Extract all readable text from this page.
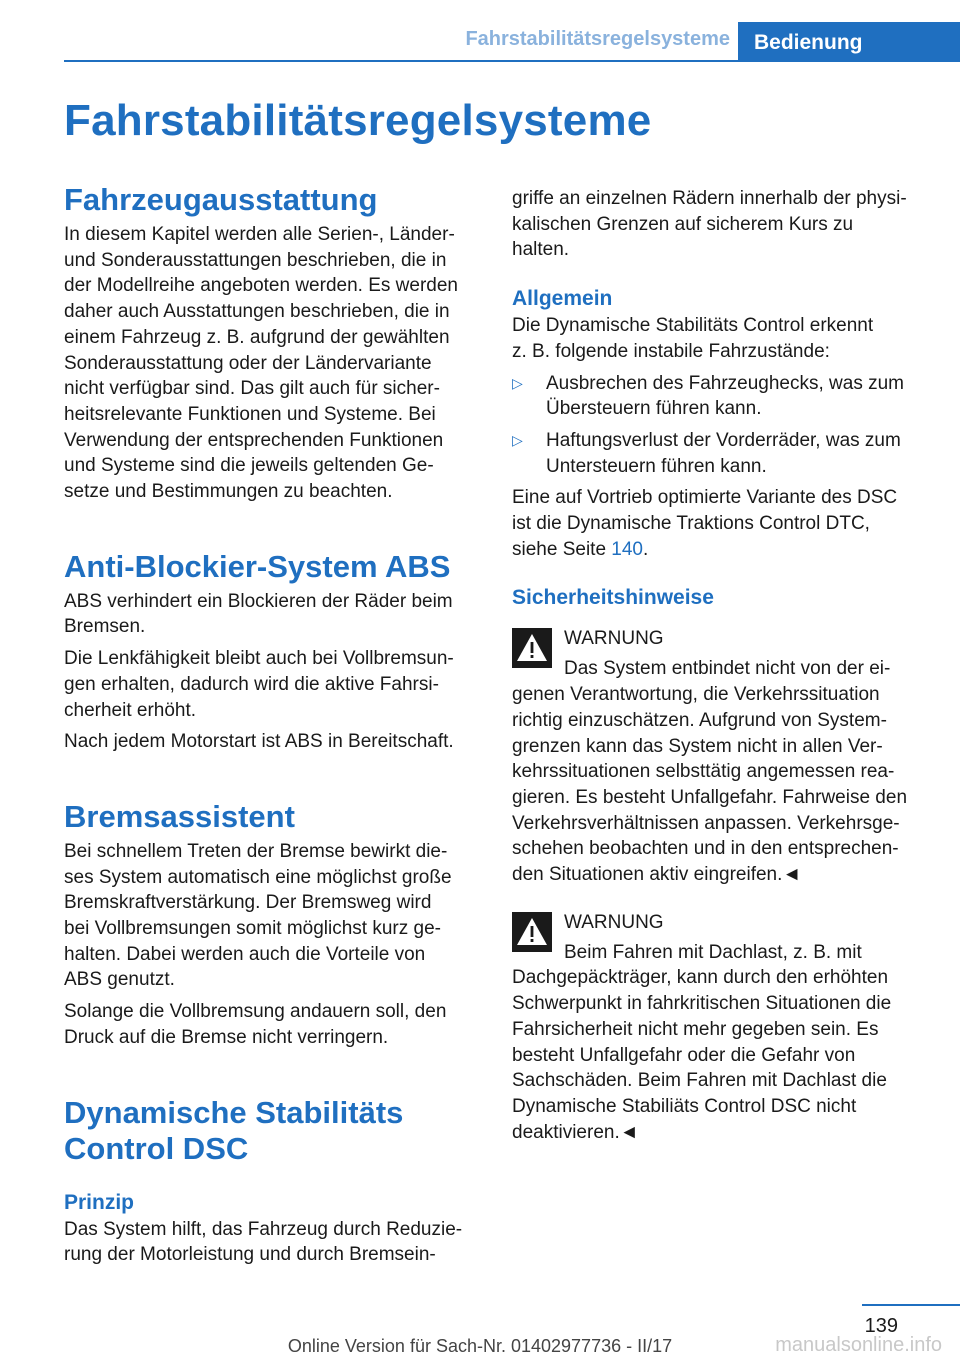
Fahrstabilitätsregelsysteme	Bedienung
Fahrstabilitätsregelsysteme
Fahrzeugausstattung

In diesem Kapitel werden alle Serien-, Länder-
und Sonderausstattungen beschrieben, die in
der Modellreihe angeboten werden. Es werden
daher auch Ausstattungen beschrieben, die in
einem Fahrzeug z. B. aufgrund der gewählten
Sonderausstattung oder der Ländervariante
nicht verfügbar sind. Das gilt auch für sicher-
heitsrelevante Funktionen und Systeme. Bei
Verwendung der entsprechenden Funktionen
und Systeme sind die jeweils geltenden Ge-
setze und Bestimmungen zu beachten.

Anti-Blockier-System ABS

ABS verhindert ein Blockieren der Räder beim
Bremsen.

Die Lenkfähigkeit bleibt auch bei Vollbremsun-
gen erhalten, dadurch wird die aktive Fahrsi-
cherheit erhöht.

Nach jedem Motorstart ist ABS in Bereitschaft.

Bremsassistent

Bei schnellem Treten der Bremse bewirkt die-
ses System automatisch eine möglichst große
Bremskraftverstärkung. Der Bremsweg wird
bei Vollbremsungen somit möglichst kurz ge-
halten. Dabei werden auch die Vorteile von
ABS genutzt.

Solange die Vollbremsung andauern soll, den
Druck auf die Bremse nicht verringern.

Dynamische Stabilitäts
Control DSC
Prinzip

Das System hilft, das Fahrzeug durch Reduzie-
rung der Motorleistung und durch Bremsein-

griffe an einzelnen Rädern innerhalb der physi-
kalischen Grenzen auf sicherem Kurs zu
halten.

Allgemein

Die Dynamische Stabilitäts Control erkennt
z. B. folgende instabile Fahrzustände:

▷	Ausbrechen des Fahrzeughecks, was zum
Übersteuern führen kann.
▷	Haftungsverlust der Vorderräder, was zum
Untersteuern führen kann.

Eine auf Vortrieb optimierte Variante des DSC
ist die Dynamische Traktions Control DTC,
siehe Seite 140.

Sicherheitshinweise
WARNUNG

Das System entbindet nicht von der ei-

genen Verantwortung, die Verkehrssituation
richtig einzuschätzen. Aufgrund von System-
grenzen kann das System nicht in allen Ver-
kehrssituationen selbsttätig angemessen rea-
gieren. Es besteht Unfallgefahr. Fahrweise den
Verkehrsverhältnissen anpassen. Verkehrsge-
schehen beobachten und in den entsprechen-
den Situationen aktiv eingreifen.◄

WARNUNG

Beim Fahren mit Dachlast, z. B. mit

Dachgepäckträger, kann durch den erhöhten
Schwerpunkt in fahrkritischen Situationen die
Fahrsicherheit nicht mehr gegeben sein. Es
besteht Unfallgefahr oder die Gefahr von
Sachschäden. Beim Fahren mit Dachlast die
Dynamische Stabiliäts Control DSC nicht
deaktivieren.◄

139
Online Version für Sach-Nr. 01402977736 - II/17	manualsonline.info
